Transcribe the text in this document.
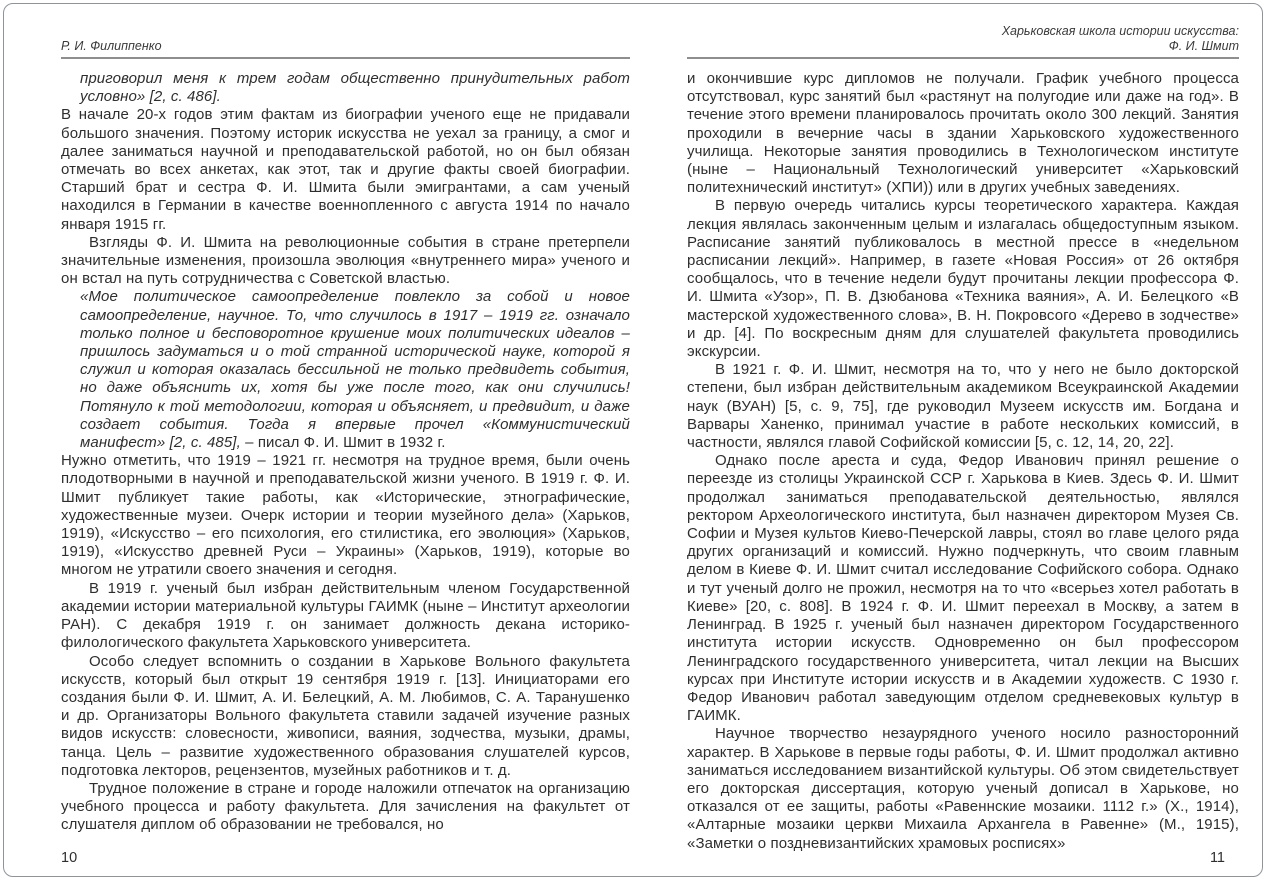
Р. И. Филиппенко

приговорил меня к трем годам общественно принудительных работ условно» [2, с. 486].

В начале 20-х годов этим фактам из биографии ученого еще не придавали большого значения. Поэтому историк искусства не уехал за границу, а смог и далее заниматься научной и преподавательской работой, но он был обязан отмечать во всех анкетах, как этот, так и другие факты своей биографии. Старший брат и сестра Ф. И. Шмита были эмигрантами, а сам ученый находился в Германии в качестве военнопленного с августа 1914 по начало января 1915 гг.

Взгляды Ф. И. Шмита на революционные события в стране претерпели значительные изменения, произошла эволюция «внутреннего мира» ученого и он встал на путь сотрудничества с Советской властью.

«Мое политическое самоопределение повлекло за собой и новое самоопределение, научное. То, что случилось в 1917 – 1919 гг. означало только полное и бесповоротное крушение моих политических идеалов – пришлось задуматься и о той странной исторической науке, которой я служил и которая оказалась бессильной не только предвидеть события, но даже объяснить их, хотя бы уже после того, как они случились! Потянуло к той методологии, которая и объясняет, и предвидит, и даже создает события. Тогда я впервые прочел «Коммунистический манифест» [2, с. 485], – писал Ф. И. Шмит в 1932 г.

Нужно отметить, что 1919 – 1921 гг. несмотря на трудное время, были очень плодотворными в научной и преподавательской жизни ученого. В 1919 г. Ф. И. Шмит публикует такие работы, как «Исторические, этнографические, художественные музеи. Очерк истории и теории музейного дела» (Харьков, 1919), «Искусство – его психология, его стилистика, его эволюция» (Харьков, 1919), «Искусство древней Руси – Украины» (Харьков, 1919), которые во многом не утратили своего значения и сегодня.

В 1919 г. ученый был избран действительным членом Государственной академии истории материальной культуры ГАИМК (ныне – Институт археологии РАН). С декабря 1919 г. он занимает должность декана историко-филологического факультета Харьковского университета.

Особо следует вспомнить о создании в Харькове Вольного факультета искусств, который был открыт 19 сентября 1919 г. [13]. Инициаторами его создания были Ф. И. Шмит, А. И. Белецкий, А. М. Любимов, С. А. Таранушенко и др. Организаторы Вольного факультета ставили задачей изучение разных видов искусств: словесности, живописи, ваяния, зодчества, музыки, драмы, танца. Цель – развитие художественного образования слушателей курсов, подготовка лекторов, рецензентов, музейных работников и т. д.

Трудное положение в стране и городе наложили отпечаток на организацию учебного процесса и работу факультета. Для зачисления на факультет от слушателя диплом об образовании не требовался, но

10
Харьковская школа истории искусства:
Ф. И. Шмит

и окончившие курс дипломов не получали. График учебного процесса отсутствовал, курс занятий был «растянут на полугодие или даже на год». В течение этого времени планировалось прочитать около 300 лекций. Занятия проходили в вечерние часы в здании Харьковского художественного училища. Некоторые занятия проводились в Технологическом институте (ныне – Национальный Технологический университет «Харьковский политехнический институт» (ХПИ)) или в других учебных заведениях.

В первую очередь читались курсы теоретического характера. Каждая лекция являлась законченным целым и излагалась общедоступным языком. Расписание занятий публиковалось в местной прессе в «недельном расписании лекций». Например, в газете «Новая Россия» от 26 октября сообщалось, что в течение недели будут прочитаны лекции профессора Ф. И. Шмита «Узор», П. В. Дзюбанова «Техника ваяния», А. И. Белецкого «В мастерской художественного слова», В. Н. Покровсого «Дерево в зодчестве» и др. [4]. По воскресным дням для слушателей факультета проводились экскурсии.

В 1921 г. Ф. И. Шмит, несмотря на то, что у него не было докторской степени, был избран действительным академиком Всеукраинской Академии наук (ВУАН) [5, с. 9, 75], где руководил Музеем искусств им. Богдана и Варвары Ханенко, принимал участие в работе нескольких комиссий, в частности, являлся главой Софийской комиссии [5, с. 12, 14, 20, 22].

Однако после ареста и суда, Федор Иванович принял решение о переезде из столицы Украинской ССР г. Харькова в Киев. Здесь Ф. И. Шмит продолжал заниматься преподавательской деятельностью, являлся ректором Археологического института, был назначен директором Музея Св. Софии и Музея культов Киево-Печерской лавры, стоял во главе целого ряда других организаций и комиссий. Нужно подчеркнуть, что своим главным делом в Киеве Ф. И. Шмит считал исследование Софийского собора. Однако и тут ученый долго не прожил, несмотря на то что «всерьез хотел работать в Киеве» [20, с. 808]. В 1924 г. Ф. И. Шмит переехал в Москву, а затем в Ленинград. В 1925 г. ученый был назначен директором Государственного института истории искусств. Одновременно он был профессором Ленинградского государственного университета, читал лекции на Высших курсах при Институте истории искусств и в Академии художеств. С 1930 г. Федор Иванович работал заведующим отделом средневековых культур в ГАИМК.

Научное творчество незаурядного ученого носило разносторонний характер. В Харькове в первые годы работы, Ф. И. Шмит продолжал активно заниматься исследованием византийской культуры. Об этом свидетельствует его докторская диссертация, которую ученый дописал в Харькове, но отказался от ее защиты, работы «Равеннские мозаики. 1112 г.» (Х., 1914), «Алтарные мозаики церкви Михаила Архангела в Равенне» (М., 1915), «Заметки о поздневизантийских храмовых росписях»

11
